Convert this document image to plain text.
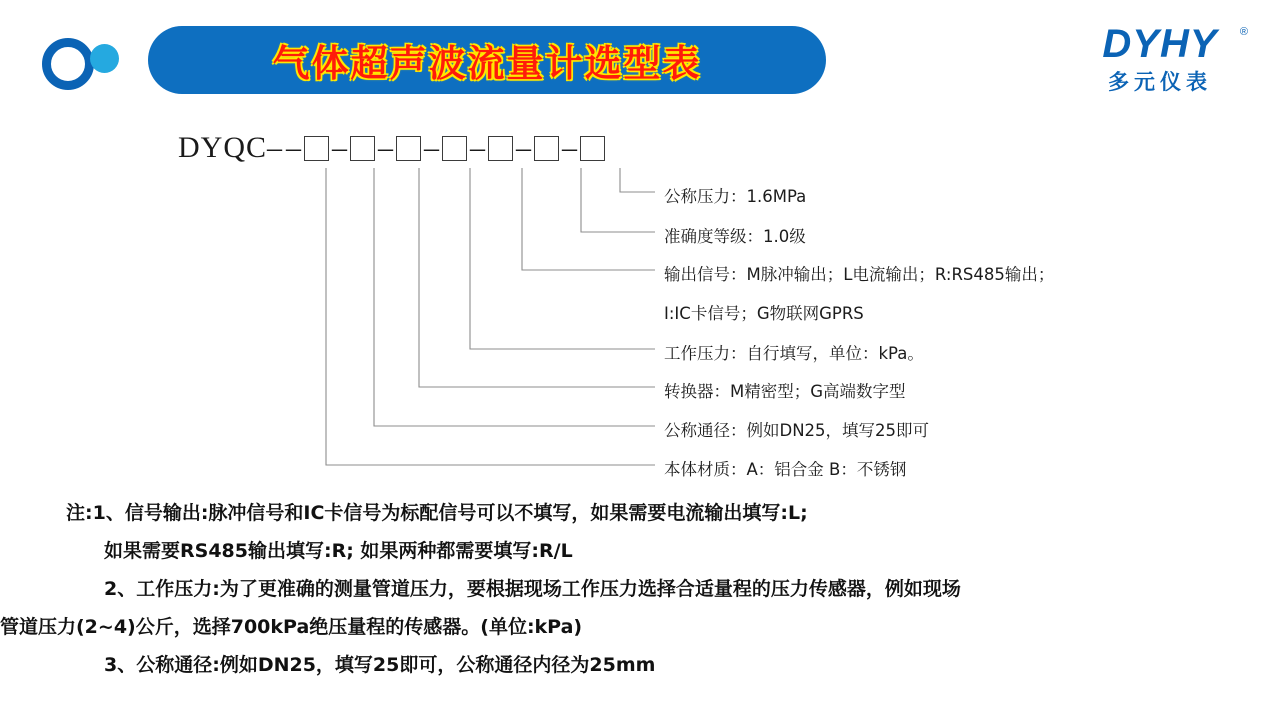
气体超声波流量计选型表	DYHY	®
多元仪表
DYQC– – – – – – – –
公称压力：1.6MPa
准确度等级：1.0级
输出信号：M脉冲输出；L电流输出；R:RS485输出；
I:IC卡信号；G物联网GPRS
工作压力：自行填写，单位：kPa。
转换器：M精密型；G高端数字型
公称通径：例如DN25，填写25即可
本体材质：A：铝合金 B：不锈钢
注:1、信号输出:脉冲信号和IC卡信号为标配信号可以不填写，如果需要电流输出填写:L;
如果需要RS485输出填写:R; 如果两种都需要填写:R/L
2、工作压力:为了更准确的测量管道压力，要根据现场工作压力选择合适量程的压力传感器，例如现场
管道压力(2~4)公斤，选择700kPa绝压量程的传感器。(单位:kPa)
3、公称通径:例如DN25，填写25即可，公称通径内径为25mm
